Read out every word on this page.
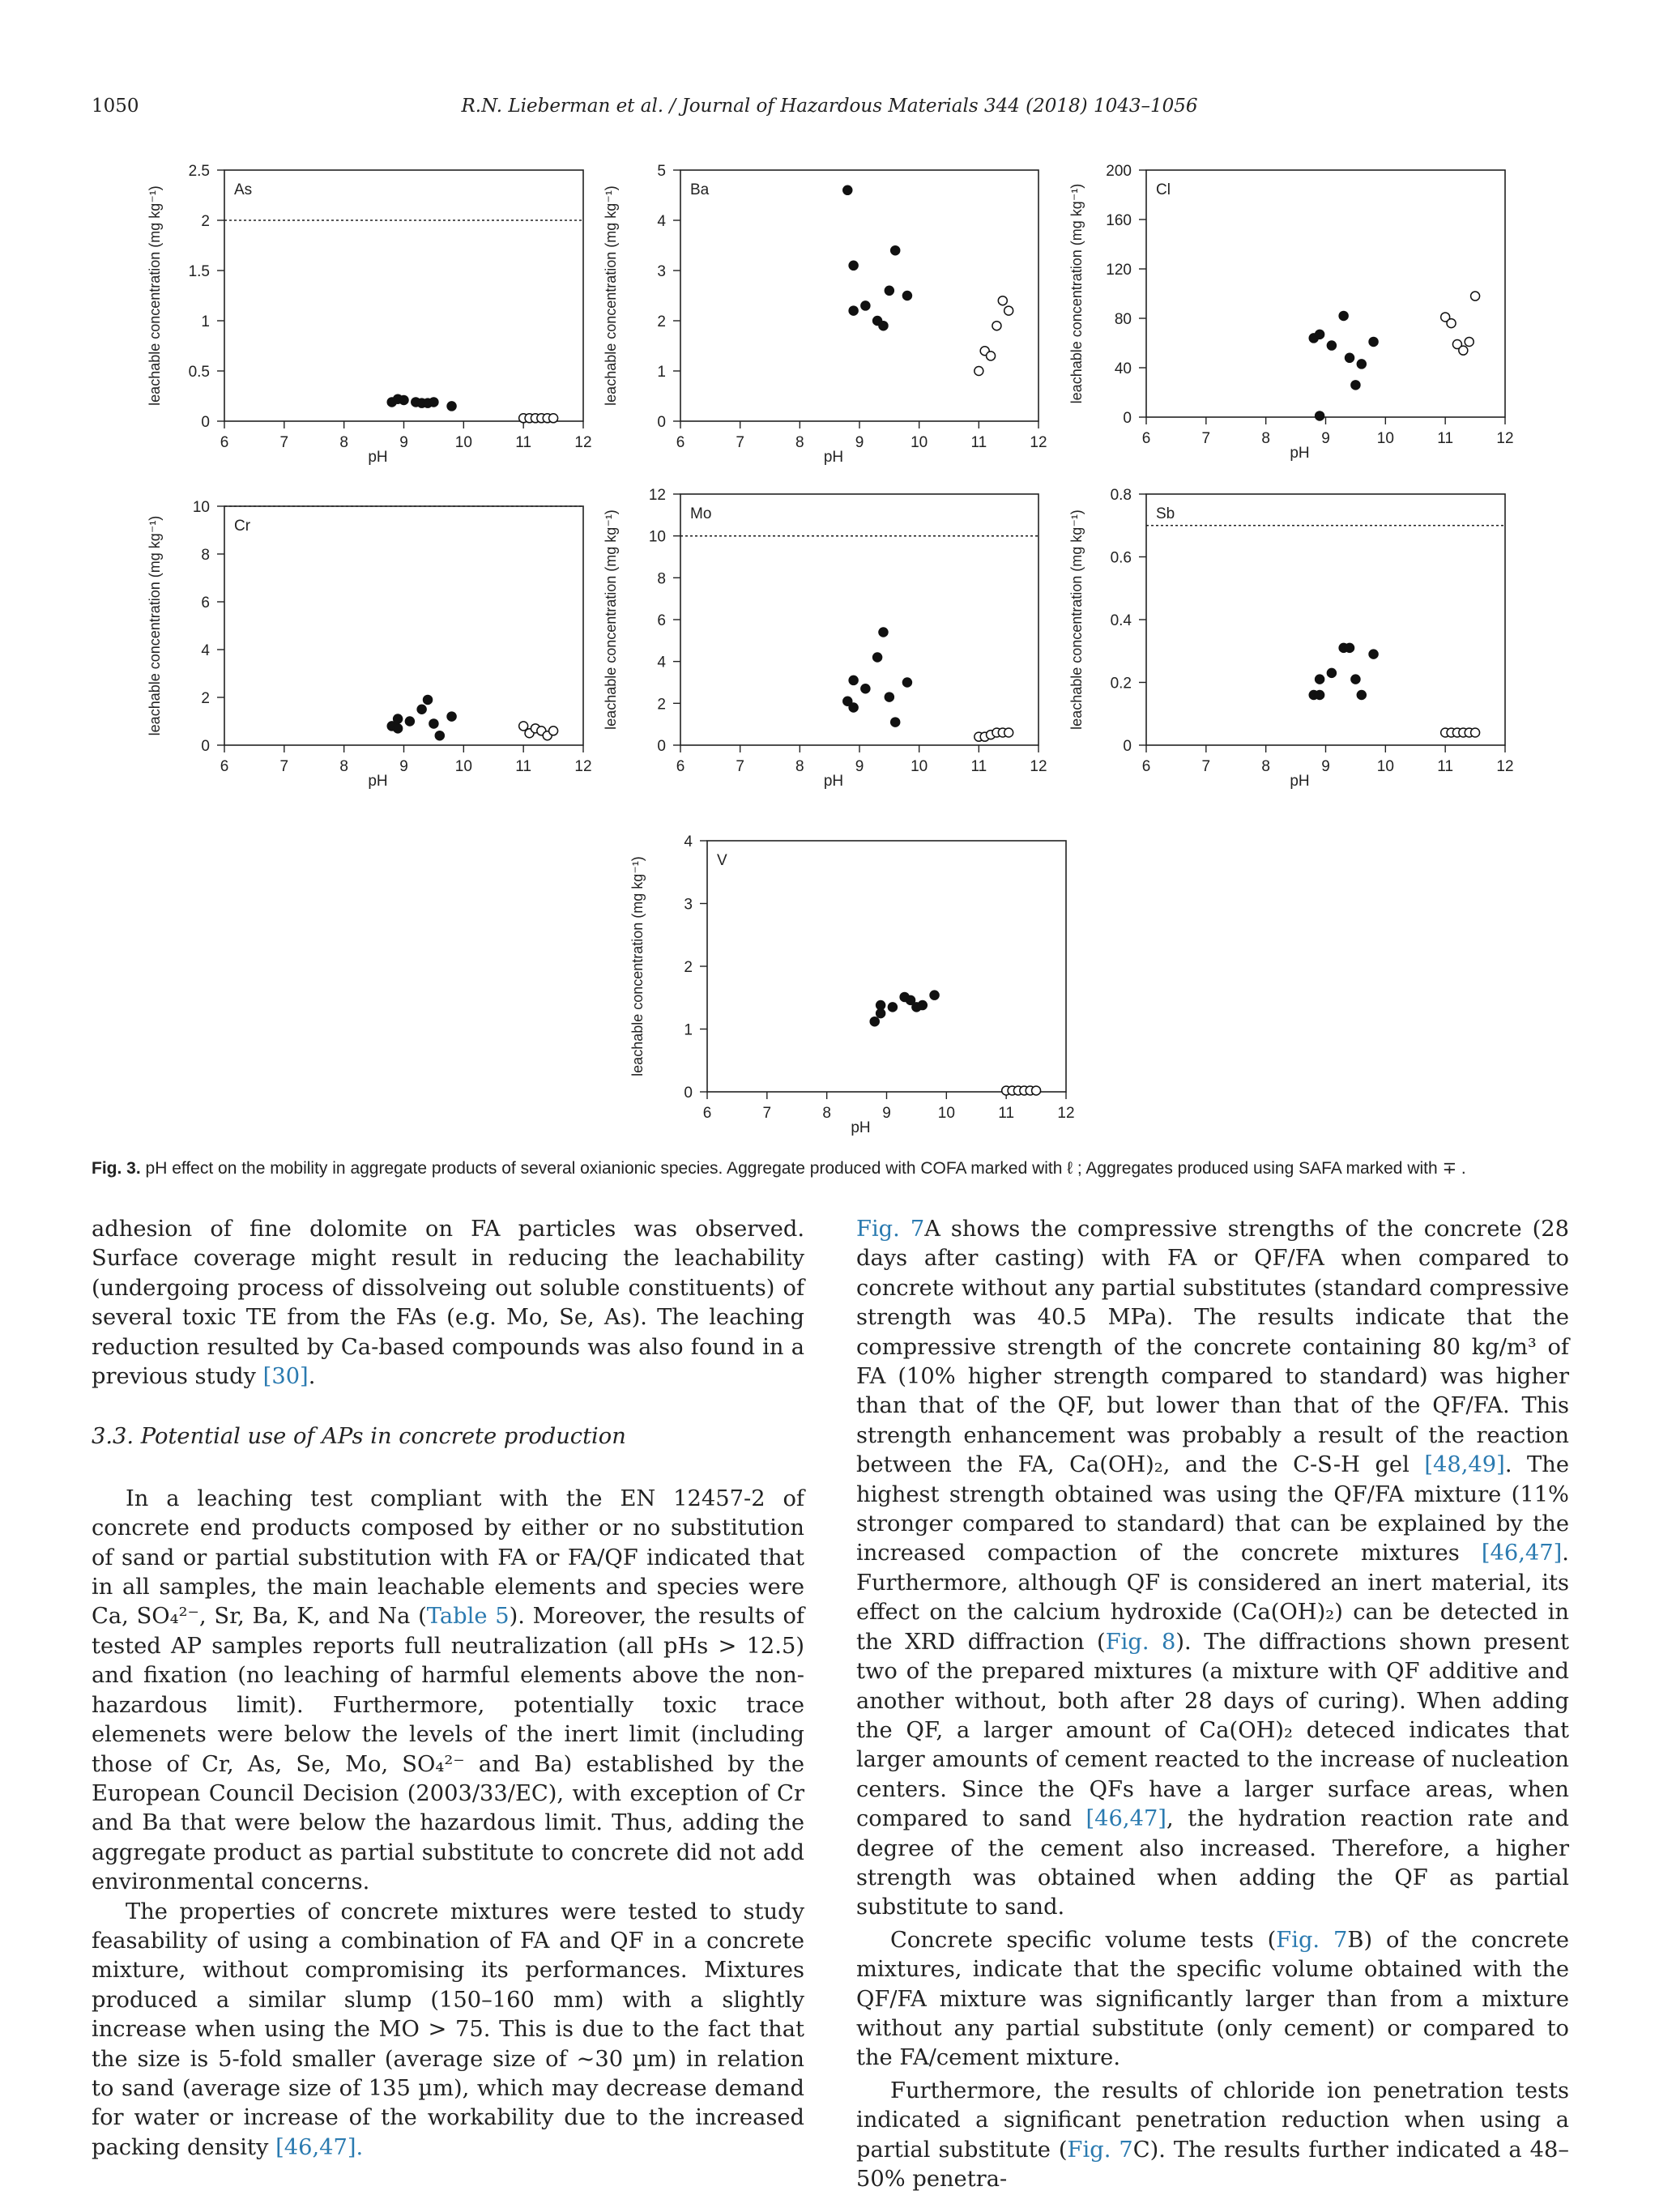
1050	R.N. Lieberman et al. / Journal of Hazardous Materials 344 (2018) 1043–1056
0
0.5
1
1.5
2
2.5
6	7	8	9	10	11	12
pH
leachable concentration (mg kg⁻¹)	As
0
1
2
3
4
5
6	7	8	9	10	11	12
pH
leachable concentration (mg kg⁻¹)	Ba
0
40
80
120
160
200
6	7	8	9	10	11	12
pH
leachable concentration (mg kg⁻¹)	Cl
0
2
4
6
8
10
6	7	8	9	10	11	12
pH
leachable concentration (mg kg⁻¹)	Cr
0
2
4
6
8
10
12
6	7	8	9	10	11	12
pH
leachable concentration (mg kg⁻¹)	Mo
0
0.2
0.4
0.6
0.8
6	7	8	9	10	11	12
pH
leachable concentration (mg kg⁻¹)	Sb
0
1
2
3
4
6	7	8	9	10	11	12
pH
leachable concentration (mg kg⁻¹)	V
Fig. 3. pH effect on the mobility in aggregate products of several oxianionic species. Aggregate produced with COFA marked with ℓ ; Aggregates produced using SAFA marked with ∓ .

adhesion of fine dolomite on FA particles was observed. Surface coverage might result in reducing the leachability (undergoing process of dissolveing out soluble constituents) of several toxic TE from the FAs (e.g. Mo, Se, As). The leaching reduction resulted by Ca-based compounds was also found in a previous study [30].

3.3. Potential use of APs in concrete production

In a leaching test compliant with the EN 12457-2 of concrete end products composed by either or no substitution of sand or partial substitution with FA or FA/QF indicated that in all samples, the main leachable elements and species were Ca, SO₄²⁻, Sr, Ba, K, and Na (Table 5). Moreover, the results of tested AP samples reports full neutralization (all pHs > 12.5) and fixation (no leaching of harmful elements above the non-hazardous limit). Furthermore, potentially toxic trace elemenets were below the levels of the inert limit (including those of Cr, As, Se, Mo, SO₄²⁻ and Ba) established by the European Council Decision (2003/33/EC), with exception of Cr and Ba that were below the hazardous limit. Thus, adding the aggregate product as partial substitute to concrete did not add environmental concerns.

The properties of concrete mixtures were tested to study feasability of using a combination of FA and QF in a concrete mixture, without compromising its performances. Mixtures produced a similar slump (150–160 mm) with a slightly increase when using the MO > 75. This is due to the fact that the size is 5-fold smaller (average size of ~30 µm) in relation to sand (average size of 135 µm), which may decrease demand for water or increase of the workability due to the increased packing density [46,47].

Fig. 7A shows the compressive strengths of the concrete (28 days after casting) with FA or QF/FA when compared to concrete without any partial substitutes (standard compressive strength was 40.5 MPa). The results indicate that the compressive strength of the concrete containing 80 kg/m³ of FA (10% higher strength compared to standard) was higher than that of the QF, but lower than that of the QF/FA. This strength enhancement was probably a result of the reaction between the FA, Ca(OH)₂, and the C-S-H gel [48,49]. The highest strength obtained was using the QF/FA mixture (11% stronger compared to standard) that can be explained by the increased compaction of the concrete mixtures [46,47]. Furthermore, although QF is considered an inert material, its effect on the calcium hydroxide (Ca(OH)₂) can be detected in the XRD diffraction (Fig. 8). The diffractions shown present two of the prepared mixtures (a mixture with QF additive and another without, both after 28 days of curing). When adding the QF, a larger amount of Ca(OH)₂ deteced indicates that larger amounts of cement reacted to the increase of nucleation centers. Since the QFs have a larger surface areas, when compared to sand [46,47], the hydration reaction rate and degree of the cement also increased. Therefore, a higher strength was obtained when adding the QF as partial substitute to sand.

Concrete specific volume tests (Fig. 7B) of the concrete mixtures, indicate that the specific volume obtained with the QF/FA mixture was significantly larger than from a mixture without any partial substitute (only cement) or compared to the FA/cement mixture.

Furthermore, the results of chloride ion penetration tests indicated a significant penetration reduction when using a partial substitute (Fig. 7C). The results further indicated a 48–50% penetra-
